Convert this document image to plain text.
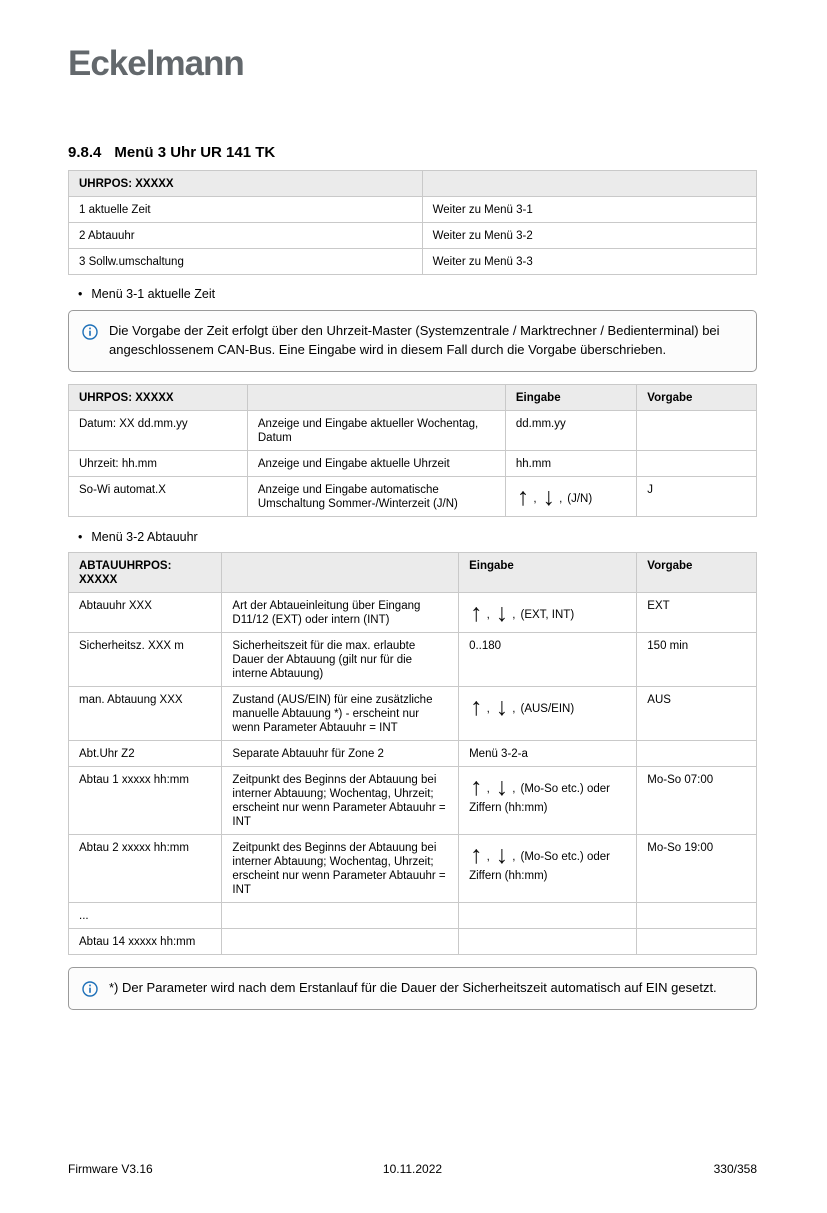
Eckelmann
9.8.4 Menü 3 Uhr UR 141 TK
UHRPOS: XXXXX	
1 aktuelle Zeit	Weiter zu Menü 3-1
2 Abtauuhr	Weiter zu Menü 3-2
3 Sollw.umschaltung	Weiter zu Menü 3-3
• Menü 3-1 aktuelle Zeit
Die Vorgabe der Zeit erfolgt über den Uhrzeit-Master (Systemzentrale / Marktrechner / Bedienterminal) bei angeschlossenem CAN-Bus. Eine Eingabe wird in diesem Fall durch die Vorgabe überschrieben.
UHRPOS: XXXXX		Eingabe	Vorgabe
Datum: XX dd.mm.yy	Anzeige und Eingabe aktueller Wochentag, Datum	dd.mm.yy	
Uhrzeit: hh.mm	Anzeige und Eingabe aktuelle Uhrzeit	hh.mm	
So-Wi automat.X	Anzeige und Eingabe automatische Umschaltung Sommer-/Winterzeit (J/N)	↑ , ↓ , (J/N)	J
• Menü 3-2 Abtauuhr
ABTAUUHRPOS: XXXXX		Eingabe	Vorgabe
Abtauuhr XXX	Art der Abtaueinleitung über Eingang D11/12 (EXT) oder intern (INT)	↑ , ↓ , (EXT, INT)	EXT
Sicherheitsz. XXX m	Sicherheitszeit für die max. erlaubte Dauer der Abtauung (gilt nur für die interne Abtauung)	0..180	150 min
man. Abtauung XXX	Zustand (AUS/EIN) für eine zusätzliche manuelle Abtauung *) - erscheint nur wenn Parameter Abtauuhr = INT	↑ , ↓ , (AUS/EIN)	AUS
Abt.Uhr Z2	Separate Abtauuhr für Zone 2	Menü 3-2-a	
Abtau 1 xxxxx hh:mm	Zeitpunkt des Beginns der Abtauung bei interner Abtauung; Wochentag, Uhrzeit; erscheint nur wenn Parameter Abtauuhr = INT	↑ , ↓ , (Mo-So etc.) oder Ziffern (hh:mm)	Mo-So 07:00
Abtau 2 xxxxx hh:mm	Zeitpunkt des Beginns der Abtauung bei interner Abtauung; Wochentag, Uhrzeit; erscheint nur wenn Parameter Abtauuhr = INT	↑ , ↓ , (Mo-So etc.) oder Ziffern (hh:mm)	Mo-So 19:00
...			
Abtau 14 xxxxx hh:mm			
*) Der Parameter wird nach dem Erstanlauf für die Dauer der Sicherheitszeit automatisch auf EIN gesetzt.
10.11.2022
Firmware V3.16	330/358
